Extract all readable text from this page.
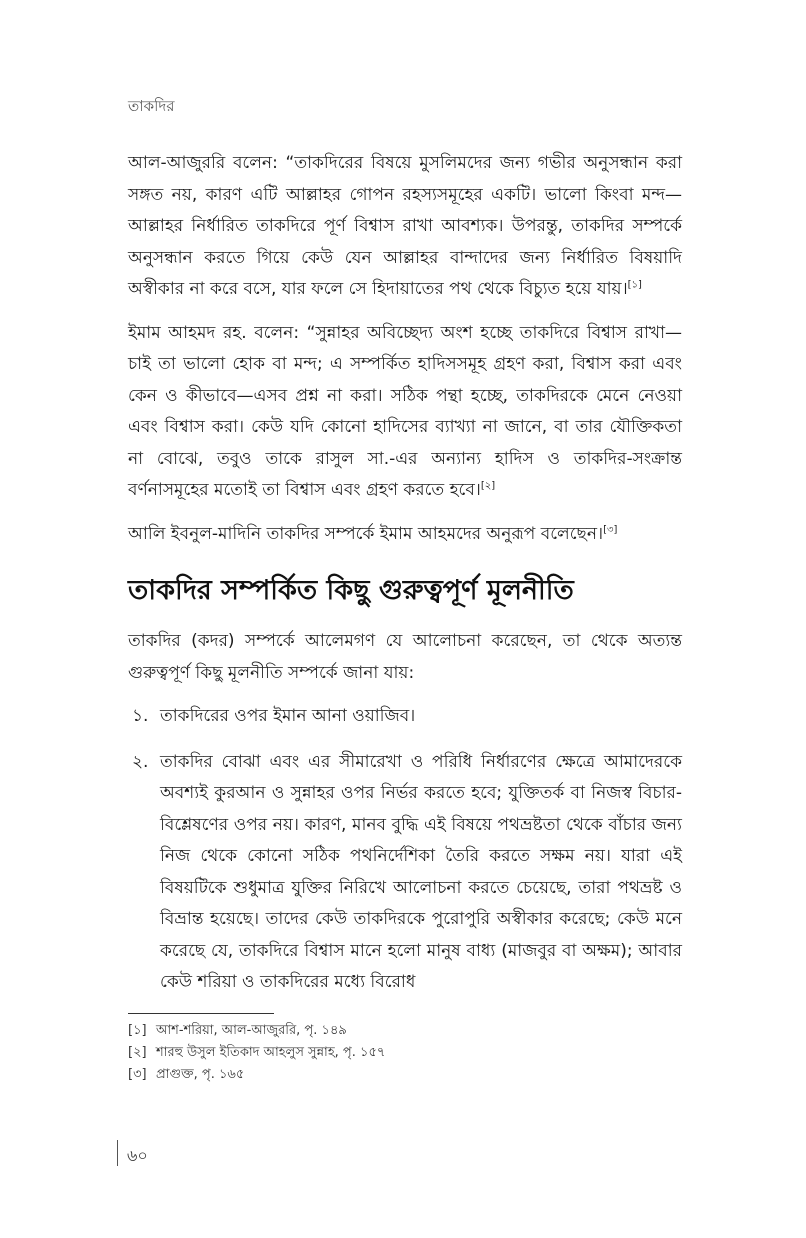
তাকদির

আল-আজুররি বলেন: “তাকদিরের বিষয়ে মুসলিমদের জন্য গভীর অনুসন্ধান করা সঙ্গত নয়, কারণ এটি আল্লাহর গোপন রহস্যসমূহের একটি। ভালো কিংবা মন্দ—আল্লাহর নির্ধারিত তাকদিরে পূর্ণ বিশ্বাস রাখা আবশ্যক। উপরন্তু, তাকদির সম্পর্কে অনুসন্ধান করতে গিয়ে কেউ যেন আল্লাহর বান্দাদের জন্য নির্ধারিত বিষয়াদি অস্বীকার না করে বসে, যার ফলে সে হিদায়াতের পথ থেকে বিচ্যুত হয়ে যায়।[১]

ইমাম আহমদ রহ. বলেন: “সুন্নাহর অবিচ্ছেদ্য অংশ হচ্ছে তাকদিরে বিশ্বাস রাখা—চাই তা ভালো হোক বা মন্দ; এ সম্পর্কিত হাদিসসমূহ গ্রহণ করা, বিশ্বাস করা এবং কেন ও কীভাবে—এসব প্রশ্ন না করা। সঠিক পন্থা হচ্ছে, তাকদিরকে মেনে নেওয়া এবং বিশ্বাস করা। কেউ যদি কোনো হাদিসের ব্যাখ্যা না জানে, বা তার যৌক্তিকতা না বোঝে, তবুও তাকে রাসুল সা.-এর অন্যান্য হাদিস ও তাকদির-সংক্রান্ত বর্ণনাসমূহের মতোই তা বিশ্বাস এবং গ্রহণ করতে হবে।[২]

আলি ইবনুল-মাদিনি তাকদির সম্পর্কে ইমাম আহমদের অনুরূপ বলেছেন।[৩]

তাকদির সম্পর্কিত কিছু গুরুত্বপূর্ণ মূলনীতি

তাকদির (কদর) সম্পর্কে আলেমগণ যে আলোচনা করেছেন, তা থেকে অত্যন্ত গুরুত্বপূর্ণ কিছু মূলনীতি সম্পর্কে জানা যায়:

১. তাকদিরের ওপর ইমান আনা ওয়াজিব।
২. তাকদির বোঝা এবং এর সীমারেখা ও পরিধি নির্ধারণের ক্ষেত্রে আমাদেরকে অবশ্যই কুরআন ও সুন্নাহর ওপর নির্ভর করতে হবে; যুক্তিতর্ক বা নিজস্ব বিচার-বিশ্লেষণের ওপর নয়। কারণ, মানব বুদ্ধি এই বিষয়ে পথভ্রষ্টতা থেকে বাঁচার জন্য নিজ থেকে কোনো সঠিক পথনির্দেশিকা তৈরি করতে সক্ষম নয়। যারা এই বিষয়টিকে শুধুমাত্র যুক্তির নিরিখে আলোচনা করতে চেয়েছে, তারা পথভ্রষ্ট ও বিভ্রান্ত হয়েছে। তাদের কেউ তাকদিরকে পুরোপুরি অস্বীকার করেছে; কেউ মনে করেছে যে, তাকদিরে বিশ্বাস মানে হলো মানুষ বাধ্য (মাজবুর বা অক্ষম); আবার কেউ শরিয়া ও তাকদিরের মধ্যে বিরোধ
[১] আশ-শরিয়া, আল-আজুররি, পৃ. ১৪৯
[২] শারহু উসুল ইতিকাদ আহলুস সুন্নাহ, পৃ. ১৫৭
[৩] প্রাগুক্ত, পৃ. ১৬৫
৬০
